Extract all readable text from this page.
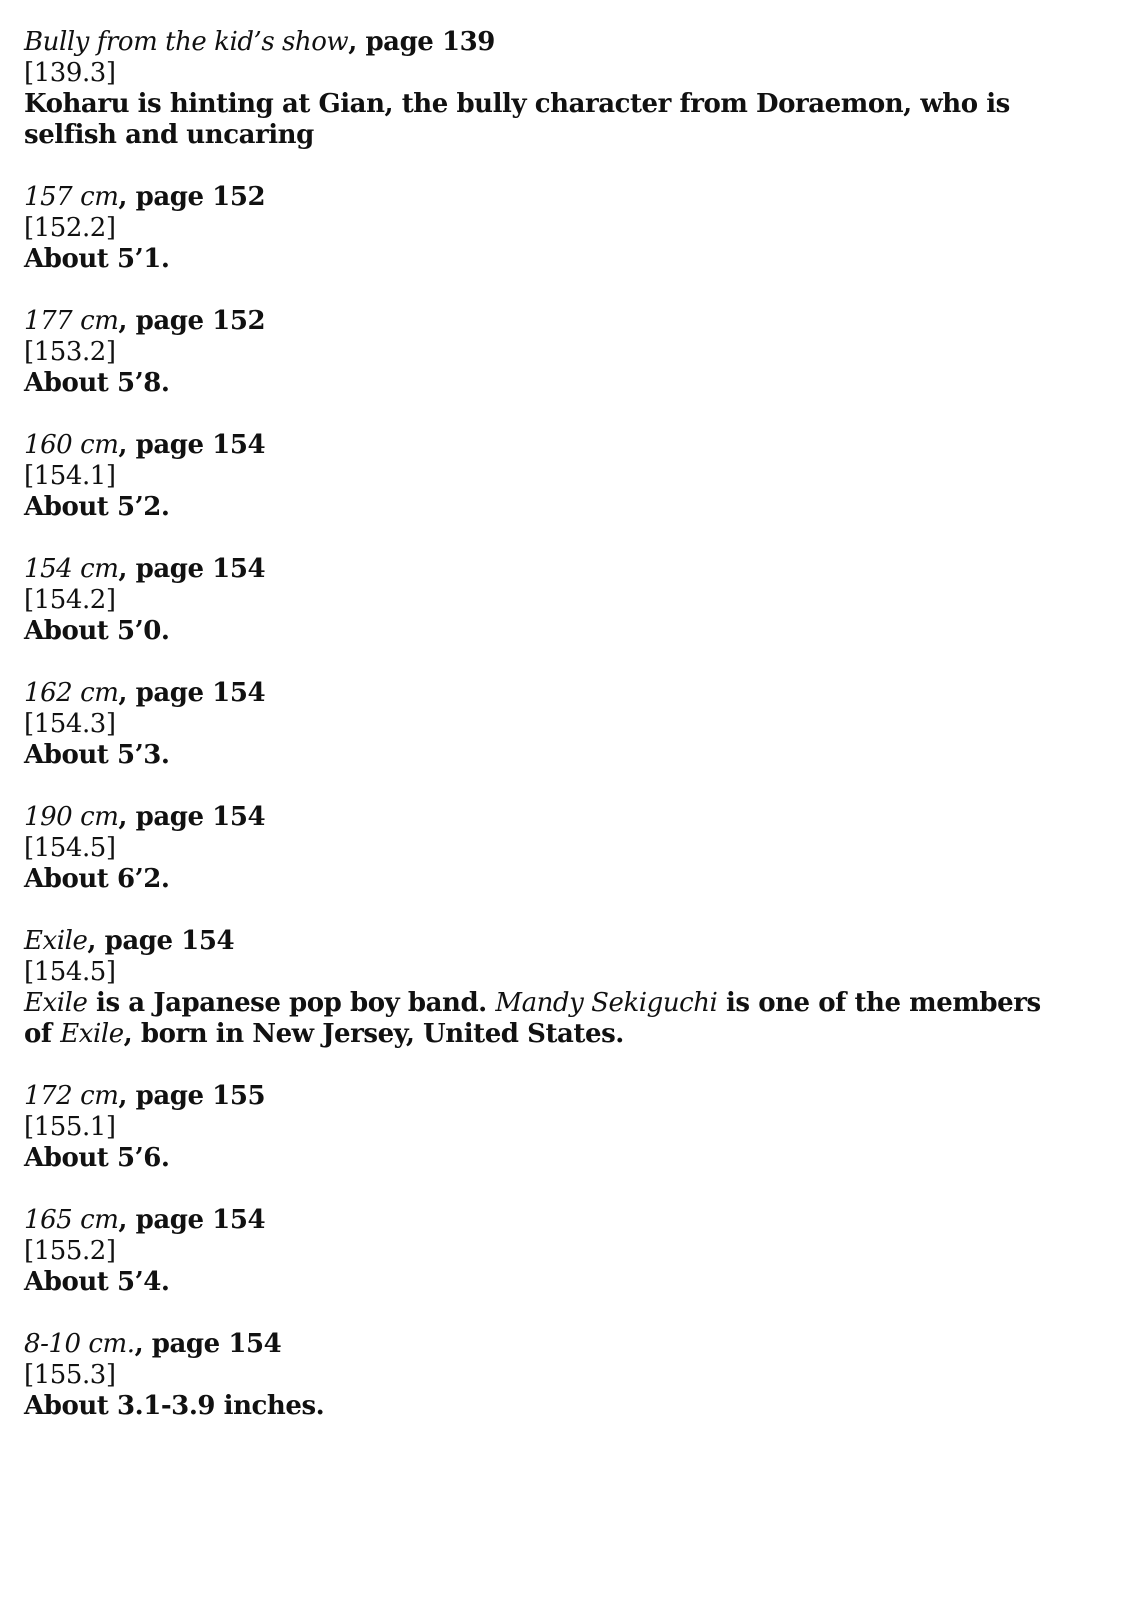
Bully from the kid’s show, page 139
[139.3]
Koharu is hinting at Gian, the bully character from Doraemon, who is selfish and uncaring
157 cm, page 152
[152.2]
About 5’1.
177 cm, page 152
[153.2]
About 5’8.
160 cm, page 154
[154.1]
About 5’2.
154 cm, page 154
[154.2]
About 5’0.
162 cm, page 154
[154.3]
About 5’3.
190 cm, page 154
[154.5]
About 6’2.
Exile, page 154
[154.5]
Exile is a Japanese pop boy band. Mandy Sekiguchi is one of the members
of Exile, born in New Jersey, United States.
172 cm, page 155
[155.1]
About 5’6.
165 cm, page 154
[155.2]
About 5’4.
8-10 cm., page 154
[155.3]
About 3.1-3.9 inches.
